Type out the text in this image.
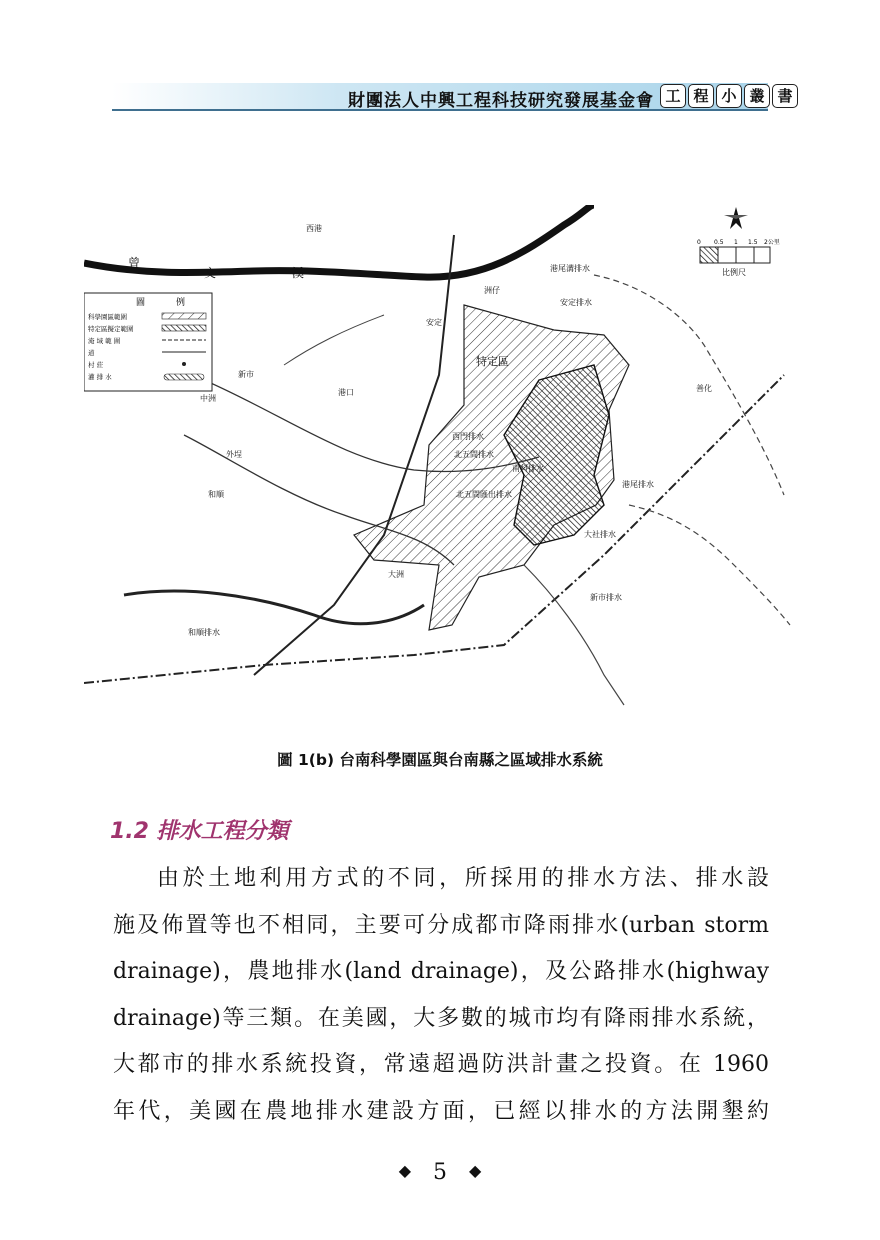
財團法人中興工程科技研究發展基金會 工 程 小 叢 書
圖	例
科學園區範圍
特定區擬定範圍
淹 域 範 圍
道
村 莊
灌 排 水
0 0.5 1 1.5 2公里
比例尺
西港
安定
新市
洲仔
港口
中洲
和順
外埕
安定排水
特定區
新市排水
善化
大社排水
大洲
港尾排水
港尾溝排水
西門排水
北五間排水
南科排水
北五間匯出排水
和順排水
曾
文	溪
圖 1(b) 台南科學園區與台南縣之區域排水系統
1.2 排水工程分類

由於土地利用方式的不同，所採用的排水方法、排水設

施及佈置等也不相同，主要可分成都市降雨排水(urban storm

drainage)，農地排水(land drainage)，及公路排水(highway

drainage)等三類。在美國，大多數的城市均有降雨排水系統，

大都市的排水系統投資，常遠超過防洪計畫之投資。在 1960

年代，美國在農地排水建設方面，已經以排水的方法開墾約

◆ 5 ◆
